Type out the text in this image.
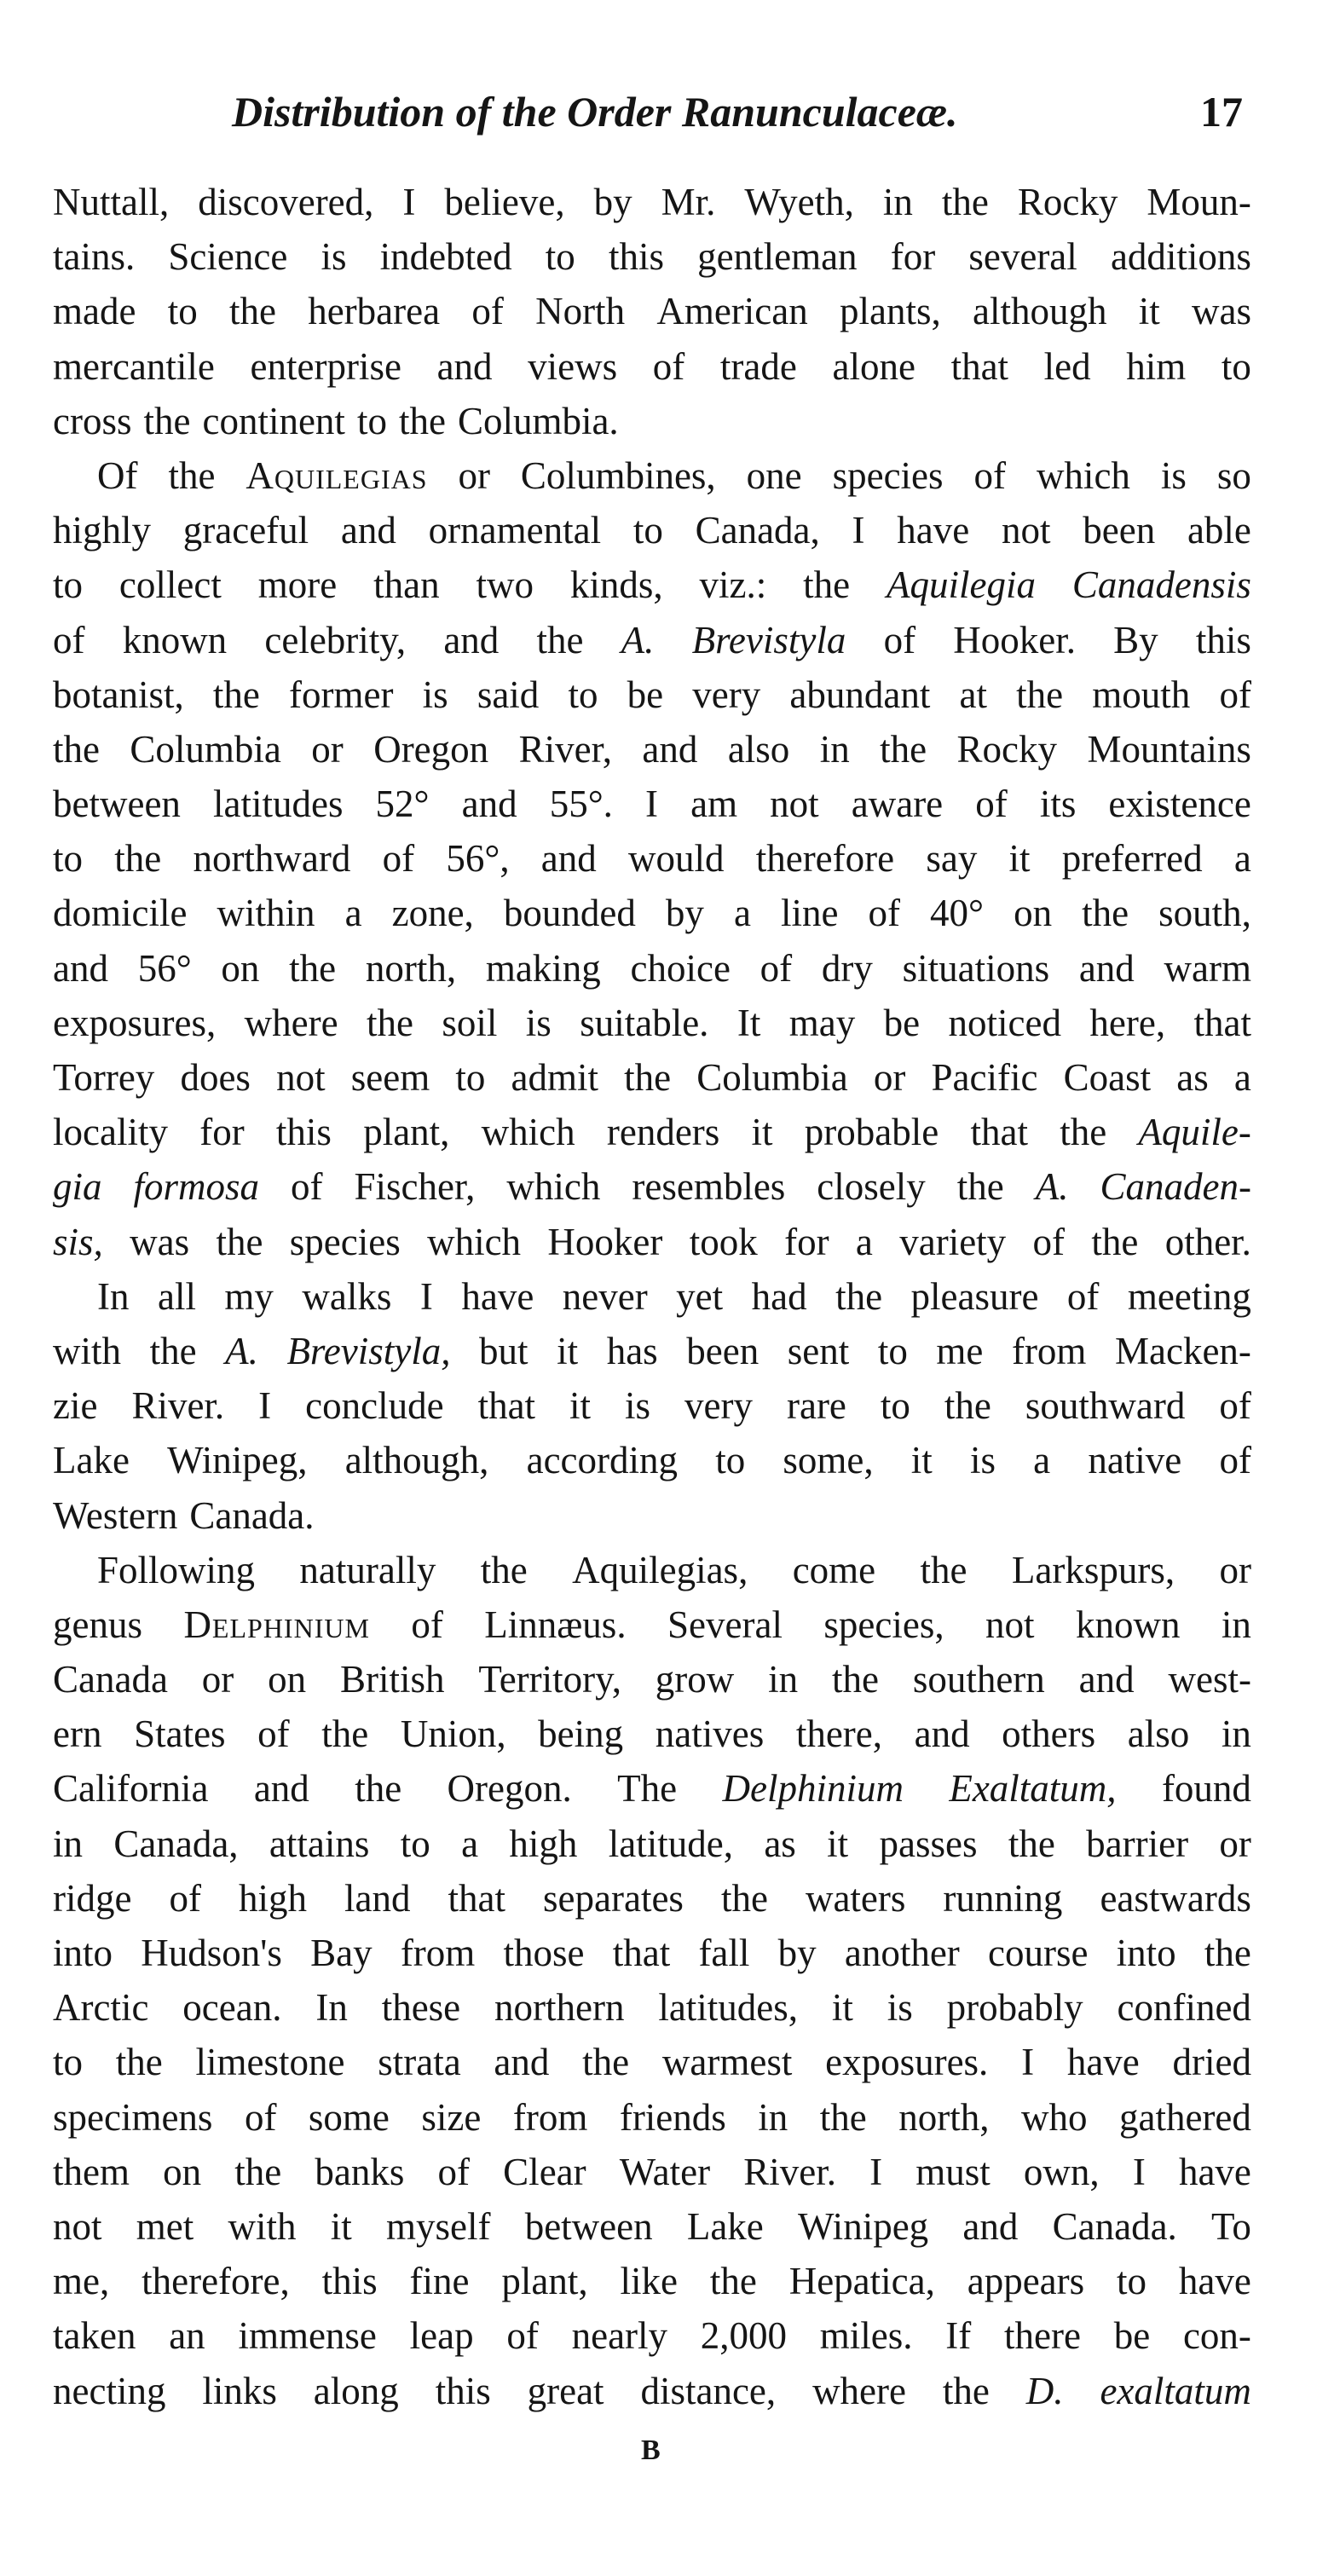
Distribution of the Order Ranunculaceæ.	17
Nuttall, discovered, I believe, by Mr. Wyeth, in the Rocky Moun-
tains. Science is indebted to this gentleman for several additions
made to the herbarea of North American plants, although it was
mercantile enterprise and views of trade alone that led him to
cross the continent to the Columbia.
Of the Aquilegias or Columbines, one species of which is so
highly graceful and ornamental to Canada, I have not been able
to collect more than two kinds, viz.: the Aquilegia Canadensis
of known celebrity, and the A. Brevistyla of Hooker. By this
botanist, the former is said to be very abundant at the mouth of
the Columbia or Oregon River, and also in the Rocky Mountains
between latitudes 52° and 55°. I am not aware of its existence
to the northward of 56°, and would therefore say it preferred a
domicile within a zone, bounded by a line of 40° on the south,
and 56° on the north, making choice of dry situations and warm
exposures, where the soil is suitable. It may be noticed here, that
Torrey does not seem to admit the Columbia or Pacific Coast as a
locality for this plant, which renders it probable that the Aquile-
gia formosa of Fischer, which resembles closely the A. Canaden-
sis, was the species which Hooker took for a variety of the other.
In all my walks I have never yet had the pleasure of meeting
with the A. Brevistyla, but it has been sent to me from Macken-
zie River. I conclude that it is very rare to the southward of
Lake Winipeg, although, according to some, it is a native of
Western Canada.
Following naturally the Aquilegias, come the Larkspurs, or
genus Delphinium of Linnæus. Several species, not known in
Canada or on British Territory, grow in the southern and west-
ern States of the Union, being natives there, and others also in
California and the Oregon. The Delphinium Exaltatum, found
in Canada, attains to a high latitude, as it passes the barrier or
ridge of high land that separates the waters running eastwards
into Hudson's Bay from those that fall by another course into the
Arctic ocean. In these northern latitudes, it is probably confined
to the limestone strata and the warmest exposures. I have dried
specimens of some size from friends in the north, who gathered
them on the banks of Clear Water River. I must own, I have
not met with it myself between Lake Winipeg and Canada. To
me, therefore, this fine plant, like the Hepatica, appears to have
taken an immense leap of nearly 2,000 miles. If there be con-
necting links along this great distance, where the D. exaltatum
B
